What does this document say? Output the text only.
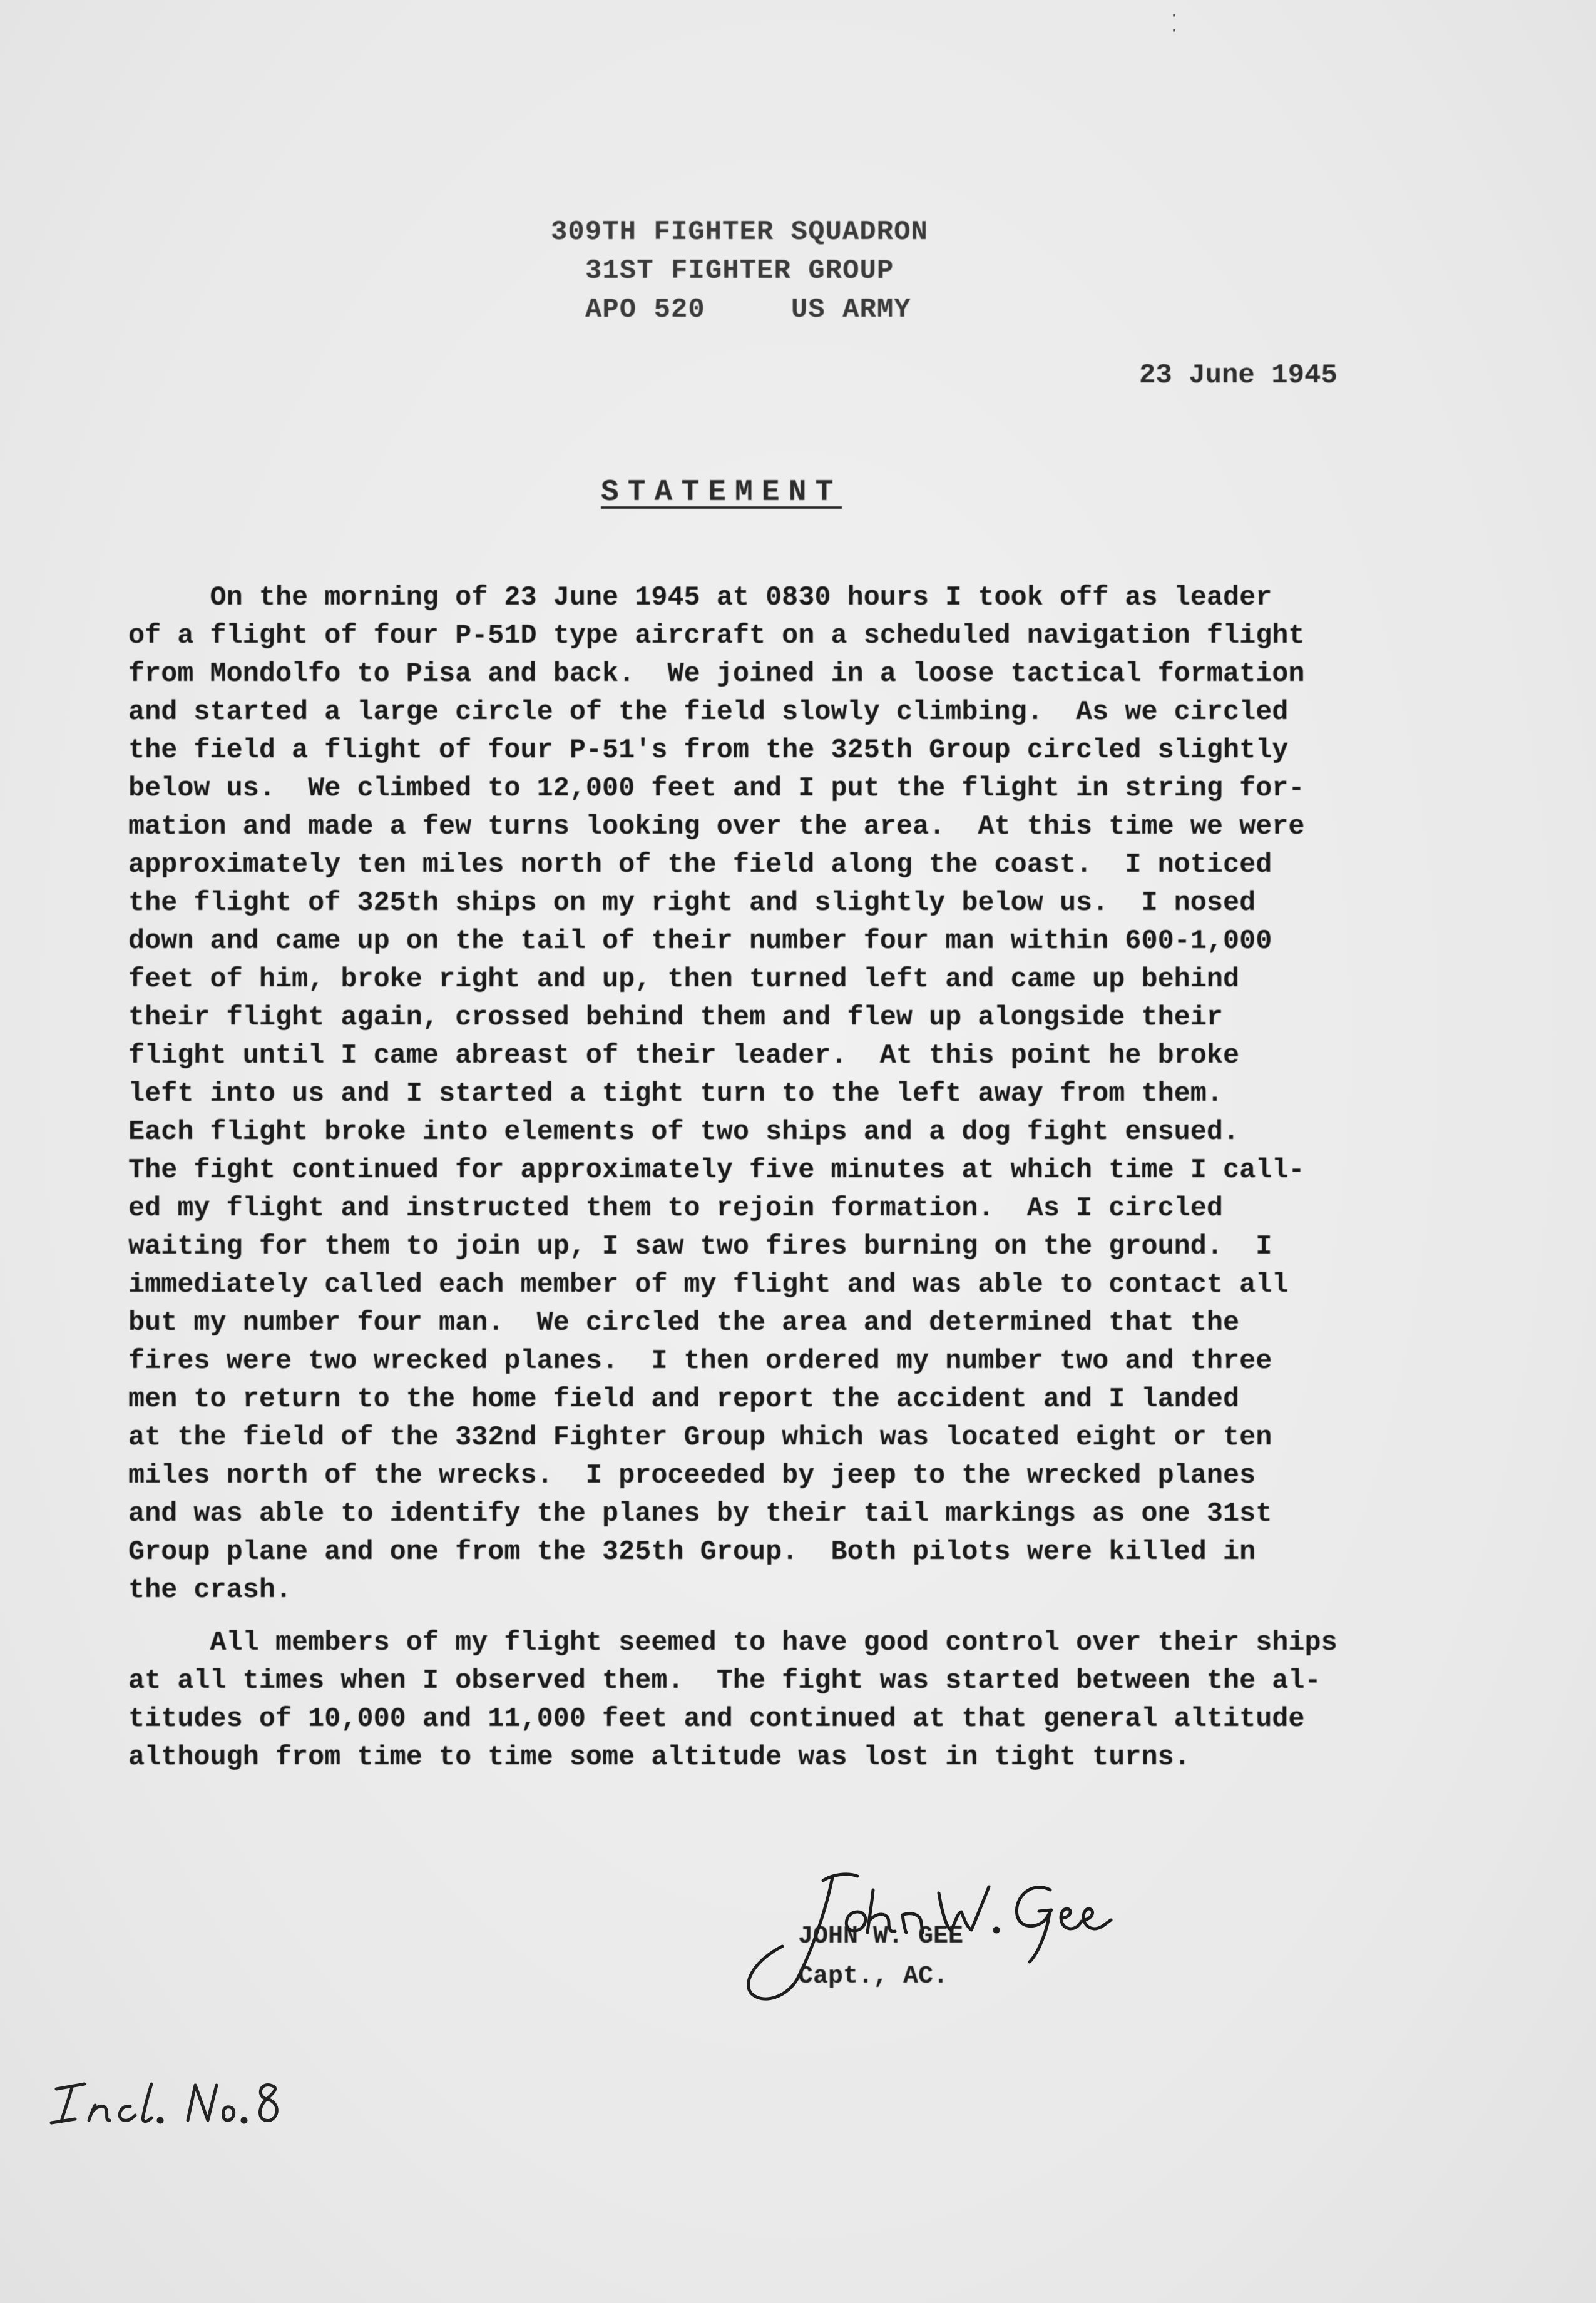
·
·
309TH FIGHTER SQUADRON
31ST FIGHTER GROUP
APO 520     US ARMY
23 June 1945
STATEMENT
On the morning of 23 June 1945 at 0830 hours I took off as leader
of a flight of four P-51D type aircraft on a scheduled navigation flight
from Mondolfo to Pisa and back.  We joined in a loose tactical formation
and started a large circle of the field slowly climbing.  As we circled
the field a flight of four P-51's from the 325th Group circled slightly
below us.  We climbed to 12,000 feet and I put the flight in string for-
mation and made a few turns looking over the area.  At this time we were
approximately ten miles north of the field along the coast.  I noticed
the flight of 325th ships on my right and slightly below us.  I nosed
down and came up on the tail of their number four man within 600-1,000
feet of him, broke right and up, then turned left and came up behind
their flight again, crossed behind them and flew up alongside their
flight until I came abreast of their leader.  At this point he broke
left into us and I started a tight turn to the left away from them.
Each flight broke into elements of two ships and a dog fight ensued.
The fight continued for approximately five minutes at which time I call-
ed my flight and instructed them to rejoin formation.  As I circled
waiting for them to join up, I saw two fires burning on the ground.  I
immediately called each member of my flight and was able to contact all
but my number four man.  We circled the area and determined that the
fires were two wrecked planes.  I then ordered my number two and three
men to return to the home field and report the accident and I landed
at the field of the 332nd Fighter Group which was located eight or ten
miles north of the wrecks.  I proceeded by jeep to the wrecked planes
and was able to identify the planes by their tail markings as one 31st
Group plane and one from the 325th Group.  Both pilots were killed in
the crash.
All members of my flight seemed to have good control over their ships
at all times when I observed them.  The fight was started between the al-
titudes of 10,000 and 11,000 feet and continued at that general altitude
although from time to time some altitude was lost in tight turns.
JOHN W. GEE
Capt., AC.
